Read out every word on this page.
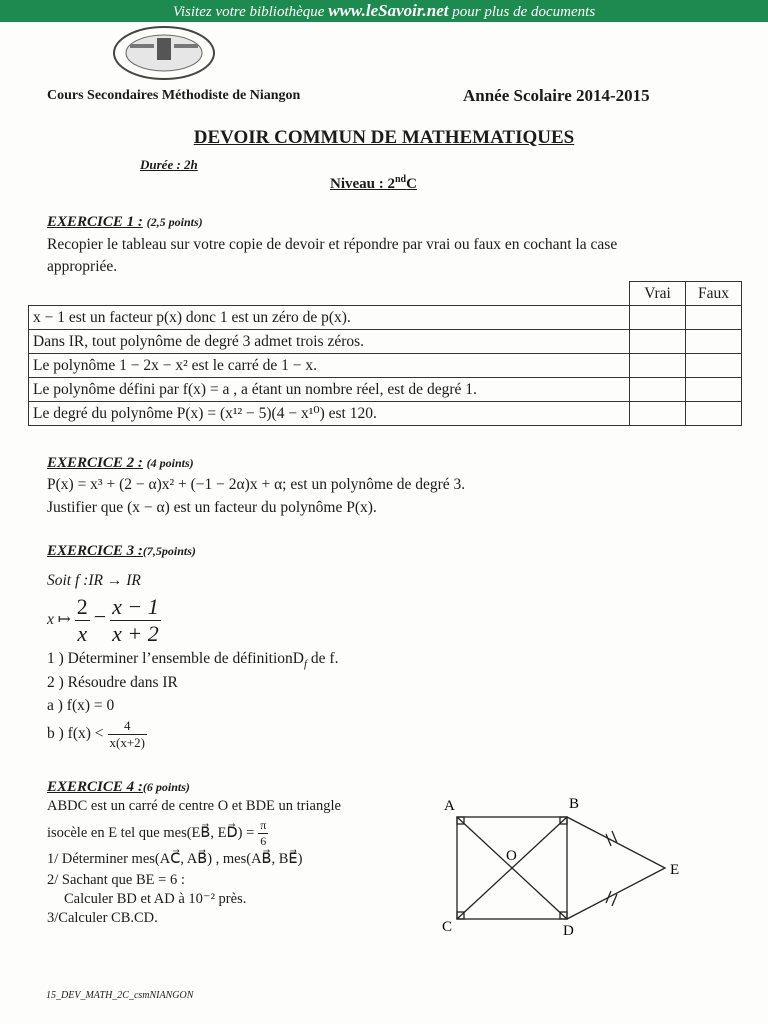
Visitez votre bibliothèque www.leSavoir.net pour plus de documents
Cours Secondaires Méthodiste de Niangon	Année Scolaire 2014-2015
DEVOIR COMMUN DE MATHEMATIQUES
Durée : 2h
Niveau : 2ndC
EXERCICE 1 : (2,5 points)
Recopier le tableau sur votre copie de devoir et répondre par vrai ou faux en cochant la case
appropriée.
	Vrai	Faux
x − 1 est un facteur p(x) donc 1 est un zéro de p(x).		
Dans IR, tout polynôme de degré 3 admet trois zéros.		
Le polynôme 1 − 2x − x² est le carré de 1 − x.		
Le polynôme défini par f(x) = a , a étant un nombre réel, est de degré 1.		
Le degré du polynôme P(x) = (x¹² − 5)(4 − x¹⁰) est 120.		
EXERCICE 2 : (4 points)
P(x) = x³ + (2 − α)x² + (−1 − 2α)x + α; est un polynôme de degré 3.
Justifier que (x − α) est un facteur du polynôme P(x).
EXERCICE 3 :(7,5points)
Soit f :IR → IR
x ↦ $\frac{2}{x} - \frac{x - 1}{x + 2}$
1 ) Déterminer l’ensemble de définitionD$_f$ de f.
2 ) Résoudre dans IR
a ) f(x) = 0
b ) $f(x) < \frac{4}{x(x+2)}$
EXERCICE 4 :(6 points)
ABDC est un carré de centre O et BDE un triangle
isocèle en E tel que mes(EB⃗, ED⃗) = $\frac{\pi}{6}$
1/ Déterminer mes(AC⃗, AB⃗) , mes(AB⃗, BE⃗)
2/ Sachant que BE = 6 :
Calculer BD et AD à 10⁻² près.
3/Calculer CB.CD.
A	B
C	D
E
O
15_DEV_MATH_2C_csmNIANGON
